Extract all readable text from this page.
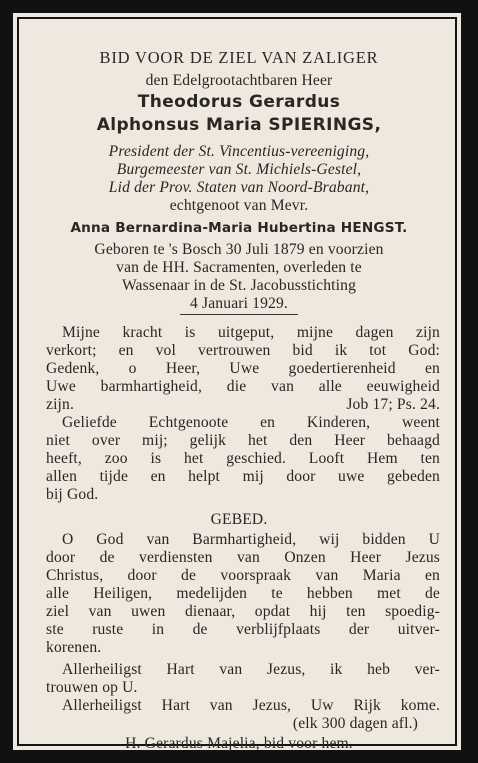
BID VOOR DE ZIEL VAN ZALIGER
den Edelgrootachtbaren Heer
Theodorus Gerardus
Alphonsus Maria SPIERINGS,
President der St. Vincentius-vereeniging,
Burgemeester van St. Michiels-Gestel,
Lid der Prov. Staten van Noord-Brabant,
echtgenoot van Mevr.
Anna Bernardina-Maria Hubertina HENGST.
Geboren te 's Bosch 30 Juli 1879 en voorzien
van de HH. Sacramenten, overleden te
Wassenaar in de St. Jacobusstichting
4 Januari 1929.
Mijne kracht is uitgeput, mijne dagen zijn
verkort; en vol vertrouwen bid ik tot God:
Gedenk, o Heer, Uwe goedertierenheid en
Uwe barmhartigheid, die van alle eeuwigheid
zijn.	Job 17; Ps. 24.
Geliefde Echtgenoote en Kinderen, weent
niet over mij; gelijk het den Heer behaagd
heeft, zoo is het geschied. Looft Hem ten
allen tijde en helpt mij door uwe gebeden
bij God.
GEBED.
O God van Barmhartigheid, wij bidden U
door de verdiensten van Onzen Heer Jezus
Christus, door de voorspraak van Maria en
alle Heiligen, medelijden te hebben met de
ziel van uwen dienaar, opdat hij ten spoedig-
ste ruste in de verblijfplaats der uitver-
korenen.
Allerheiligst Hart van Jezus, ik heb ver-
trouwen op U.
Allerheiligst Hart van Jezus, Uw Rijk kome.
(elk 300 dagen afl.)
H. Gerardus Majelia, bid voor hem.
